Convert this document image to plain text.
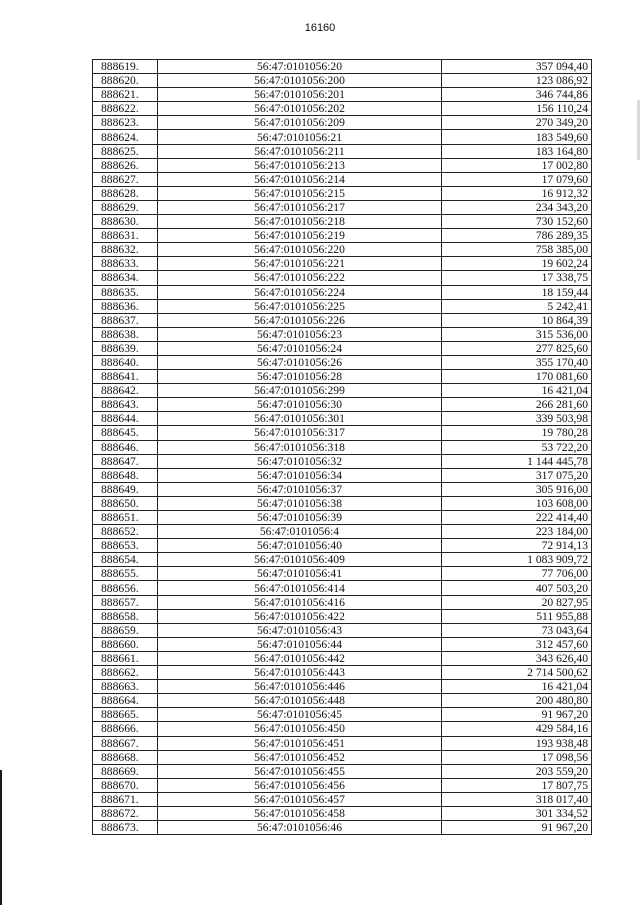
16160
888619.	56:47:0101056:20	357 094,40
888620.	56:47:0101056:200	123 086,92
888621.	56:47:0101056:201	346 744,86
888622.	56:47:0101056:202	156 110,24
888623.	56:47:0101056:209	270 349,20
888624.	56:47:0101056:21	183 549,60
888625.	56:47:0101056:211	183 164,80
888626.	56:47:0101056:213	17 002,80
888627.	56:47:0101056:214	17 079,60
888628.	56:47:0101056:215	16 912,32
888629.	56:47:0101056:217	234 343,20
888630.	56:47:0101056:218	730 152,60
888631.	56:47:0101056:219	786 289,35
888632.	56:47:0101056:220	758 385,00
888633.	56:47:0101056:221	19 602,24
888634.	56:47:0101056:222	17 338,75
888635.	56:47:0101056:224	18 159,44
888636.	56:47:0101056:225	5 242,41
888637.	56:47:0101056:226	10 864,39
888638.	56:47:0101056:23	315 536,00
888639.	56:47:0101056:24	277 825,60
888640.	56:47:0101056:26	355 170,40
888641.	56:47:0101056:28	170 081,60
888642.	56:47:0101056:299	16 421,04
888643.	56:47:0101056:30	266 281,60
888644.	56:47:0101056:301	339 503,98
888645.	56:47:0101056:317	19 780,28
888646.	56:47:0101056:318	53 722,20
888647.	56:47:0101056:32	1 144 445,78
888648.	56:47:0101056:34	317 075,20
888649.	56:47:0101056:37	305 916,00
888650.	56:47:0101056:38	103 608,00
888651.	56:47:0101056:39	222 414,40
888652.	56:47:0101056:4	223 184,00
888653.	56:47:0101056:40	72 914,13
888654.	56:47:0101056:409	1 083 909,72
888655.	56:47:0101056:41	77 706,00
888656.	56:47:0101056:414	407 503,20
888657.	56:47:0101056:416	20 827,95
888658.	56:47:0101056:422	511 955,88
888659.	56:47:0101056:43	73 043,64
888660.	56:47:0101056:44	312 457,60
888661.	56:47:0101056:442	343 626,40
888662.	56:47:0101056:443	2 714 500,62
888663.	56:47:0101056:446	16 421,04
888664.	56:47:0101056:448	200 480,80
888665.	56:47:0101056:45	91 967,20
888666.	56:47:0101056:450	429 584,16
888667.	56:47:0101056:451	193 938,48
888668.	56:47:0101056:452	17 098,56
888669.	56:47:0101056:455	203 559,20
888670.	56:47:0101056:456	17 807,75
888671.	56:47:0101056:457	318 017,40
888672.	56:47:0101056:458	301 334,52
888673.	56:47:0101056:46	91 967,20
